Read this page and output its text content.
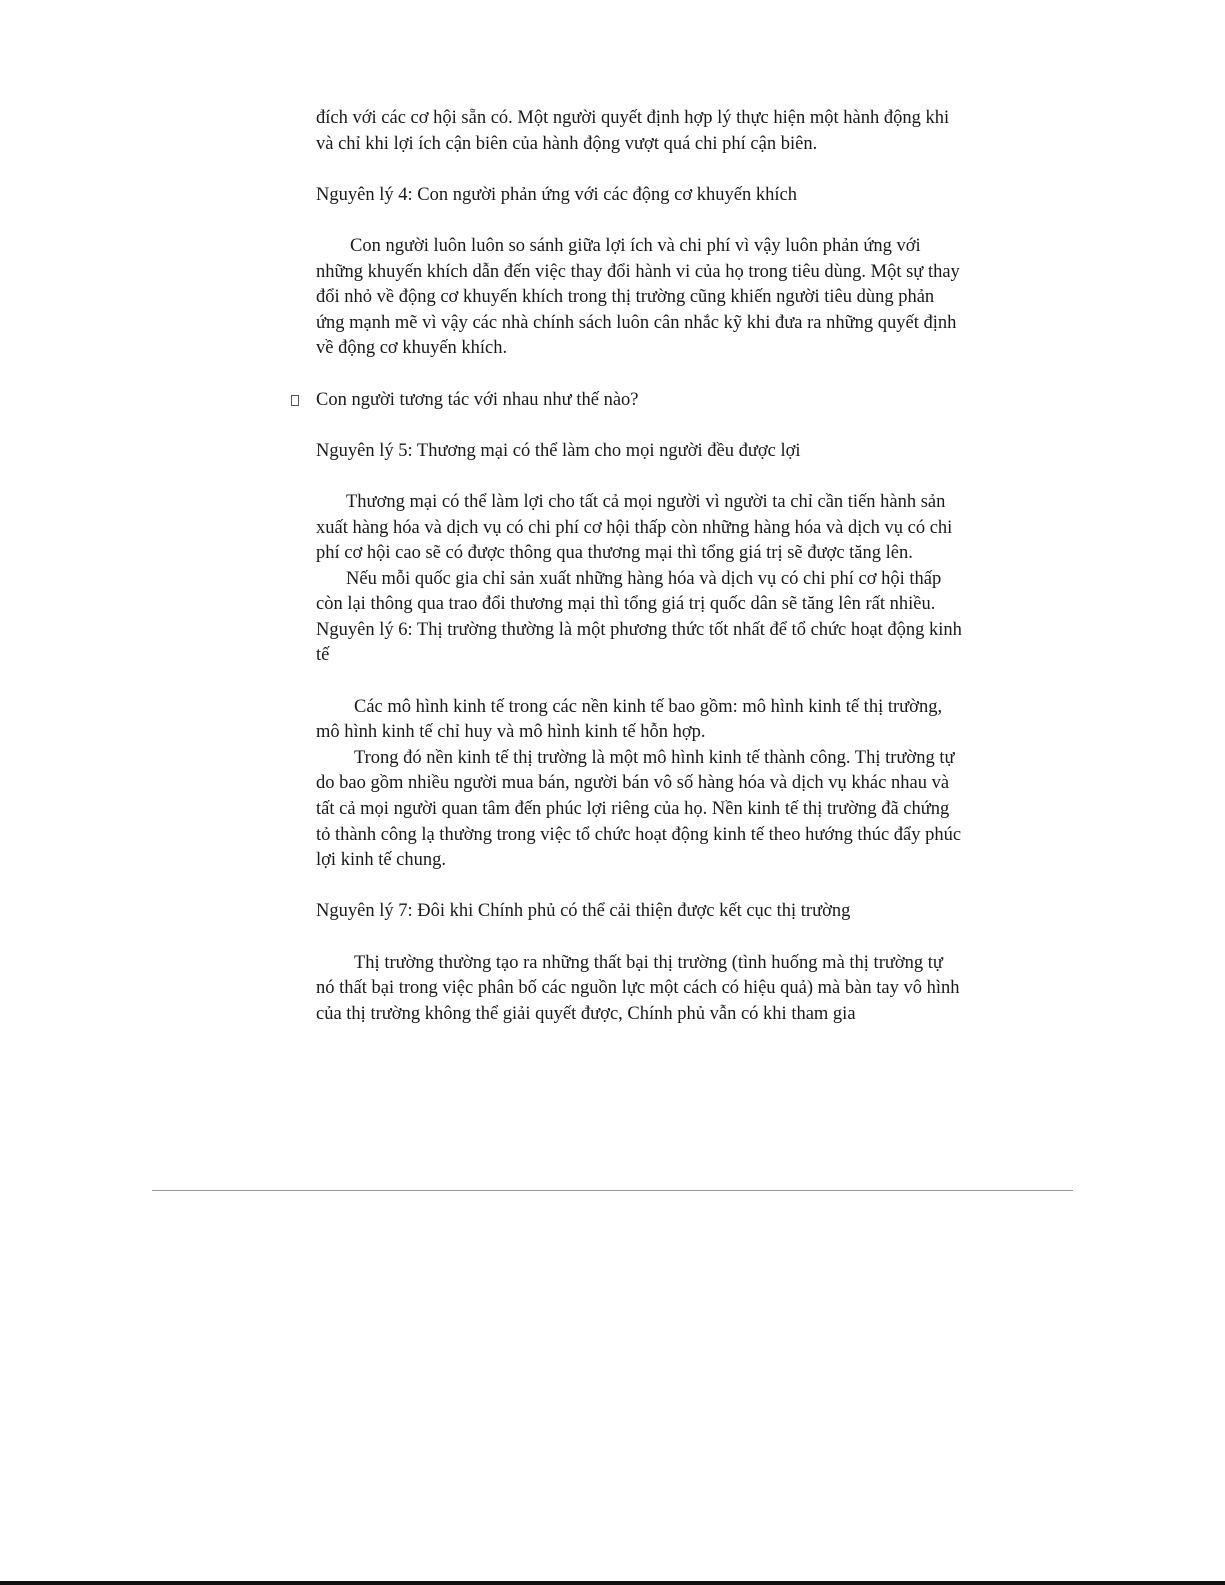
đích với các cơ hội sẵn có. Một người quyết định hợp lý thực hiện một hành động khi và chỉ khi lợi ích cận biên của hành động vượt quá chi phí cận biên.

Nguyên lý 4: Con người phản ứng với các động cơ khuyến khích

Con người luôn luôn so sánh giữa lợi ích và chi phí vì vậy luôn phản ứng với những khuyến khích dẫn đến việc thay đổi hành vi của họ trong tiêu dùng. Một sự thay đổi nhỏ về động cơ khuyến khích trong thị trường cũng khiến người tiêu dùng phản ứng mạnh mẽ vì vậy các nhà chính sách luôn cân nhắc kỹ khi đưa ra những quyết định về động cơ khuyến khích.

Con người tương tác với nhau như thế nào?

Nguyên lý 5: Thương mại có thể làm cho mọi người đều được lợi

Thương mại có thể làm lợi cho tất cả mọi người vì người ta chỉ cần tiến hành sản xuất hàng hóa và dịch vụ có chi phí cơ hội thấp còn những hàng hóa và dịch vụ có chi phí cơ hội cao sẽ có được thông qua thương mại thì tổng giá trị sẽ được tăng lên.

Nếu mỗi quốc gia chỉ sản xuất những hàng hóa và dịch vụ có chi phí cơ hội thấp còn lại thông qua trao đổi thương mại thì tổng giá trị quốc dân sẽ tăng lên rất nhiều.

Nguyên lý 6: Thị trường thường là một phương thức tốt nhất để tổ chức hoạt động kinh tế

Các mô hình kinh tế trong các nền kinh tế bao gồm: mô hình kinh tế thị trường, mô hình kinh tế chỉ huy và mô hình kinh tế hỗn hợp.

Trong đó nền kinh tế thị trường là một mô hình kinh tế thành công. Thị trường tự do bao gồm nhiều người mua bán, người bán vô số hàng hóa và dịch vụ khác nhau và tất cả mọi người quan tâm đến phúc lợi riêng của họ. Nền kinh tế thị trường đã chứng tỏ thành công lạ thường trong việc tổ chức hoạt động kinh tế theo hướng thúc đẩy phúc lợi kinh tế chung.

Nguyên lý 7: Đôi khi Chính phủ có thể cải thiện được kết cục thị trường

Thị trường thường tạo ra những thất bại thị trường (tình huống mà thị trường tự nó thất bại trong việc phân bố các nguồn lực một cách có hiệu quả) mà bàn tay vô hình của thị trường không thể giải quyết được, Chính phủ vẫn có khi tham gia
